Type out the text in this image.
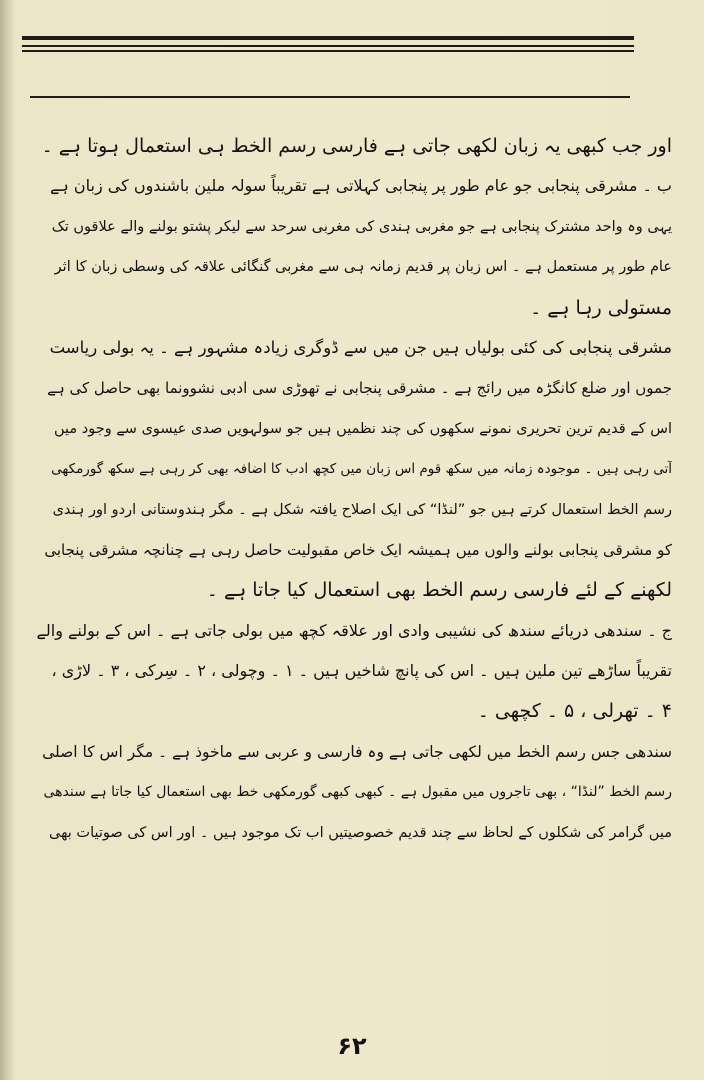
اور جب کبھی یہ زبان لکھی جاتی ہے فارسی رسم الخط ہی استعمال ہوتا ہے ۔
ب ۔ مشرقی پنجابی جو عام طور پر پنجابی کہلاتی ہے تقریباً سولہ ملین باشندوں کی زبان ہے
یہی وہ واحد مشترک پنجابی ہے جو مغربی ہندی کی مغربی سرحد سے لیکر پشتو بولنے والے علاقوں تک
عام طور پر مستعمل ہے ۔ اس زبان پر قدیم زمانہ ہی سے مغربی گنگائی علاقہ کی وسطی زبان کا اثر
مستولی رہا ہے ۔
مشرقی پنجابی کی کئی بولیاں ہیں جن میں سے ڈوگری زیادہ مشہور ہے ۔ یہ بولی ریاست
جموں اور ضلع کانگڑہ میں رائج ہے ۔ مشرقی پنجابی نے تھوڑی سی ادبی نشوونما بھی حاصل کی ہے
اس کے قدیم ترین تحریری نمونے سکھوں کی چند نظمیں ہیں جو سولہویں صدی عیسوی سے وجود میں
آتی رہی ہیں ۔ موجودہ زمانہ میں سکھ قوم اس زبان میں کچھ ادب کا اضافہ بھی کر رہی ہے سکھ گورمکھی
رسم الخط استعمال کرتے ہیں جو ”لنڈا“ کی ایک اصلاح یافتہ شکل ہے ۔ مگر ہندوستانی اردو اور ہندی
کو مشرقی پنجابی بولنے والوں میں ہمیشہ ایک خاص مقبولیت حاصل رہی ہے چنانچہ مشرقی پنجابی
لکھنے کے لئے فارسی رسم الخط بھی استعمال کیا جاتا ہے ۔
ج ۔ سندھی دریائے سندھ کی نشیبی وادی اور علاقہ کچھ میں بولی جاتی ہے ۔ اس کے بولنے والے
تقریباً ساڑھے تین ملین ہیں ۔ اس کی پانچ شاخیں ہیں ۔ ۱ ۔ وچولی ، ۲ ۔ سِرکی ، ۳ ۔ لاڑی ،
۴ ۔ تھرلی ، ۵ ۔ کچھی ۔
سندھی جس رسم الخط میں لکھی جاتی ہے وہ فارسی و عربی سے ماخوذ ہے ۔ مگر اس کا اصلی
رسم الخط ”لنڈا“ ، بھی تاجروں میں مقبول ہے ۔ کبھی کبھی گورمکھی خط بھی استعمال کیا جاتا ہے سندھی
میں گرامر کی شکلوں کے لحاظ سے چند قدیم خصوصیتیں اب تک موجود ہیں ۔ اور اس کی صوتیات بھی
۶۲
